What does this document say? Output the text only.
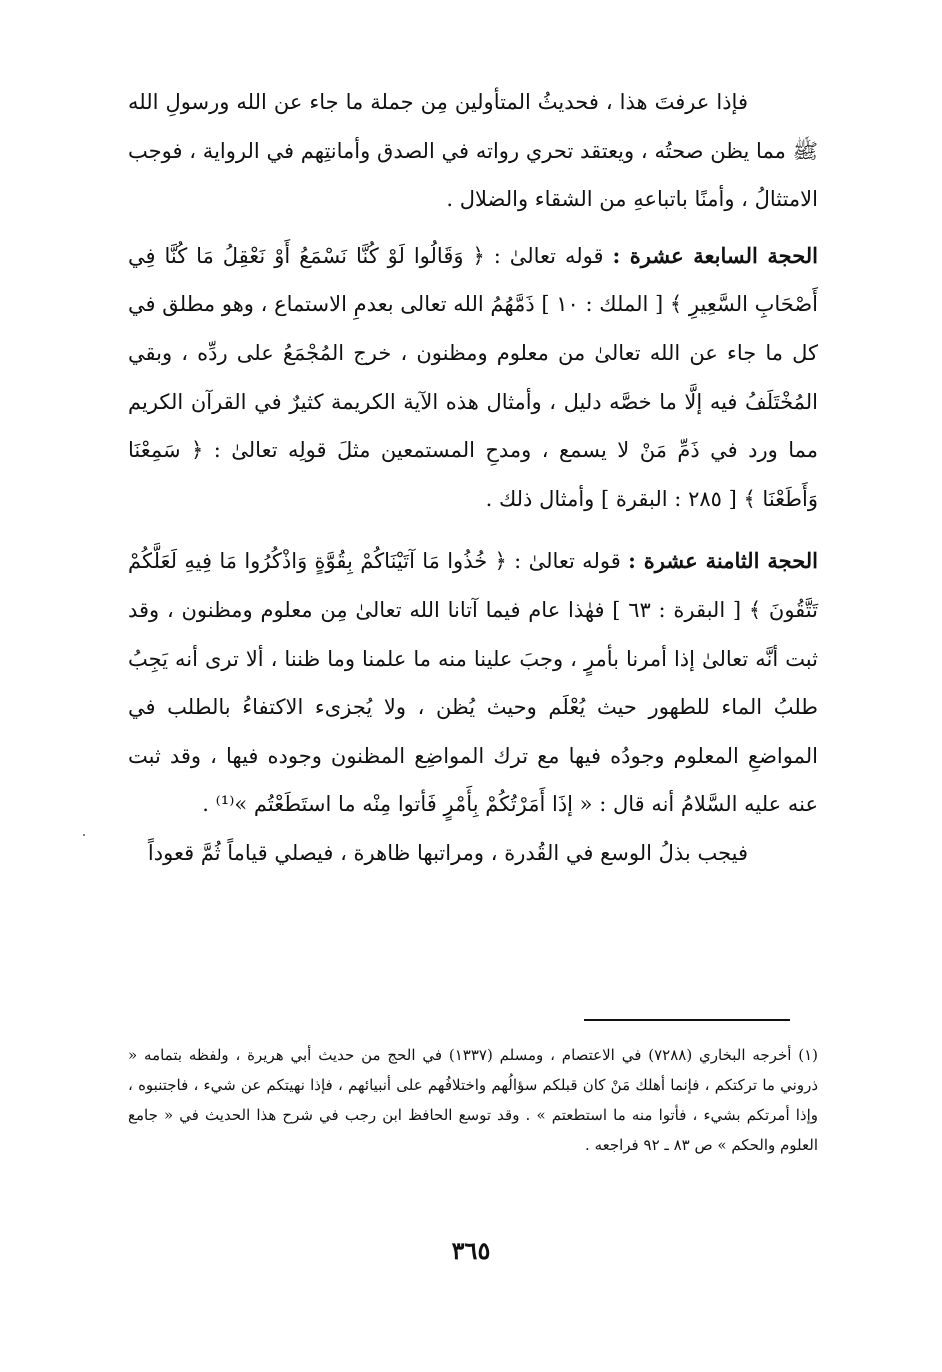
فإذا عرفتَ هذا ، فحديثُ المتأولين مِن جملة ما جاء عن الله ورسولِ الله ﷺ مما يظن صحتُه ، ويعتقد تحري رواته في الصدق وأمانتِهم في الرواية ، فوجب الامتثالُ ، وأمنًا باتباعهِ من الشقاء والضلال .

الحجة السابعة عشرة : قوله تعالىٰ : ﴿ وَقَالُوا لَوْ كُنَّا نَسْمَعُ أَوْ نَعْقِلُ مَا كُنَّا فِي أَصْحَابِ السَّعِيرِ ﴾ [ الملك : ١٠ ] ذَمَّهُمُ الله تعالى بعدمِ الاستماع ، وهو مطلق في كل ما جاء عن الله تعالىٰ من معلوم ومظنون ، خرج المُجْمَعُ على ردِّه ، وبقي المُخْتَلَفُ فيه إلَّا ما خصَّه دليل ، وأمثال هذه الآية الكريمة كثيرٌ في القرآن الكريم مما ورد في ذَمِّ مَنْ لا يسمع ، ومدحِ المستمعين مثلَ قولِه تعالىٰ : ﴿ سَمِعْنَا وَأَطَعْنَا ﴾ [ ٢٨٥ : البقرة ] وأمثال ذلك .

الحجة الثامنة عشرة : قوله تعالىٰ : ﴿ خُذُوا مَا آتَيْنَاكُمْ بِقُوَّةٍ وَاذْكُرُوا مَا فِيهِ لَعَلَّكُمْ تَتَّقُونَ ﴾ [ البقرة : ٦٣ ] فهٰذا عام فيما آتانا الله تعالىٰ مِن معلوم ومظنون ، وقد ثبت أنَّه تعالىٰ إذا أمرنا بأمرٍ ، وجبَ علينا منه ما علمنا وما ظننا ، ألا ترى أنه يَجِبُ طلبُ الماء للطهور حيث يُعْلَم وحيث يُظن ، ولا يُجزىء الاكتفاءُ بالطلب في المواضعِ المعلوم وجودُه فيها مع ترك المواضِع المظنون وجوده فيها ، وقد ثبت عنه عليه السَّلامُ أنه قال : « إذَا أَمَرْتُكُمْ بِأَمْرٍ فَأتوا مِنْه ما استَطَعْتُم »⁽¹⁾ .

فيجب بذلُ الوسع في القُدرة ، ومراتبها ظاهرة ، فيصلي قياماً ثُمَّ قعوداً

(١) أخرجه البخاري (٧٢٨٨) في الاعتصام ، ومسلم (١٣٣٧) في الحج من حديث أبي هريرة ، ولفظه بتمامه « ذروني ما تركتكم ، فإنما أهلك مَنْ كان قبلكم سؤالُهم واختلافُهم على أنبيائهم ، فإذا نهيتكم عن شيء ، فاجتنبوه ، وإذا أمرتكم بشيء ، فأتوا منه ما استطعتم » . وقد توسع الحافظ ابن رجب في شرح هذا الحديث في « جامع العلوم والحكم » ص ٨٣ ـ ٩٢ فراجعه .

٣٦٥
